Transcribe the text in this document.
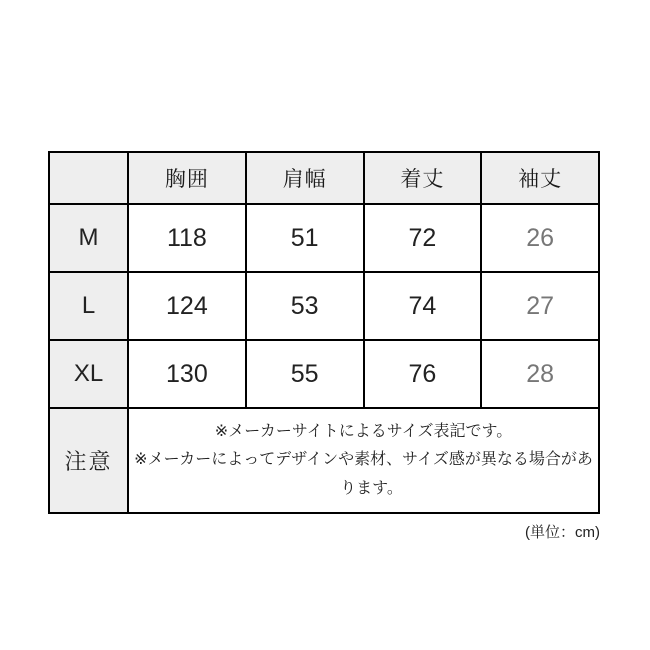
	胸囲	肩幅	着丈	袖丈
M	118	51	72	26
L	124	53	74	27
XL	130	55	76	28
注意	※メーカーサイトによるサイズ表記です。

※メーカーによってデザインや素材、サイズ感が異なる場合があります。			

(単位：cm)
